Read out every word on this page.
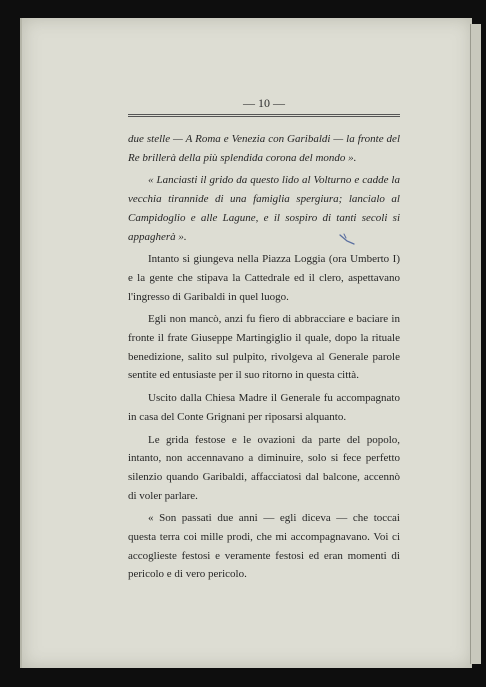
— 10 —

due stelle — A Roma e Venezia con Garibaldi — la fronte del Re brillerà della più splendida corona del mondo ».

« Lanciasti il grido da questo lido al Volturno e cadde la vecchia tirannide di una famiglia spergiura; lancialo al Campidoglio e alle Lagune, e il sospiro di tanti secoli si appagherà ».

Intanto si giungeva nella Piazza Loggia (ora Umberto I) e la gente che stipava la Cattedrale ed il clero, aspettavano l'ingresso di Garibaldi in quel luogo.

Egli non mancò, anzi fu fiero di abbracciare e baciare in fronte il frate Giuseppe Martingiglio il quale, dopo la rituale benedizione, salito sul pulpito, rivolgeva al Generale parole sentite ed entusiaste per il suo ritorno in questa città.

Uscito dalla Chiesa Madre il Generale fu accompagnato in casa del Conte Grignani per riposarsi alquanto.

Le grida festose e le ovazioni da parte del popolo, intanto, non accennavano a diminuire, solo si fece perfetto silenzio quando Garibaldi, affacciatosi dal balcone, accennò di voler parlare.

« Son passati due anni — egli diceva — che toccai questa terra coi mille prodi, che mi accompagnavano. Voi ci accoglieste festosi e veramente festosi ed eran momenti di pericolo e di vero pericolo.
